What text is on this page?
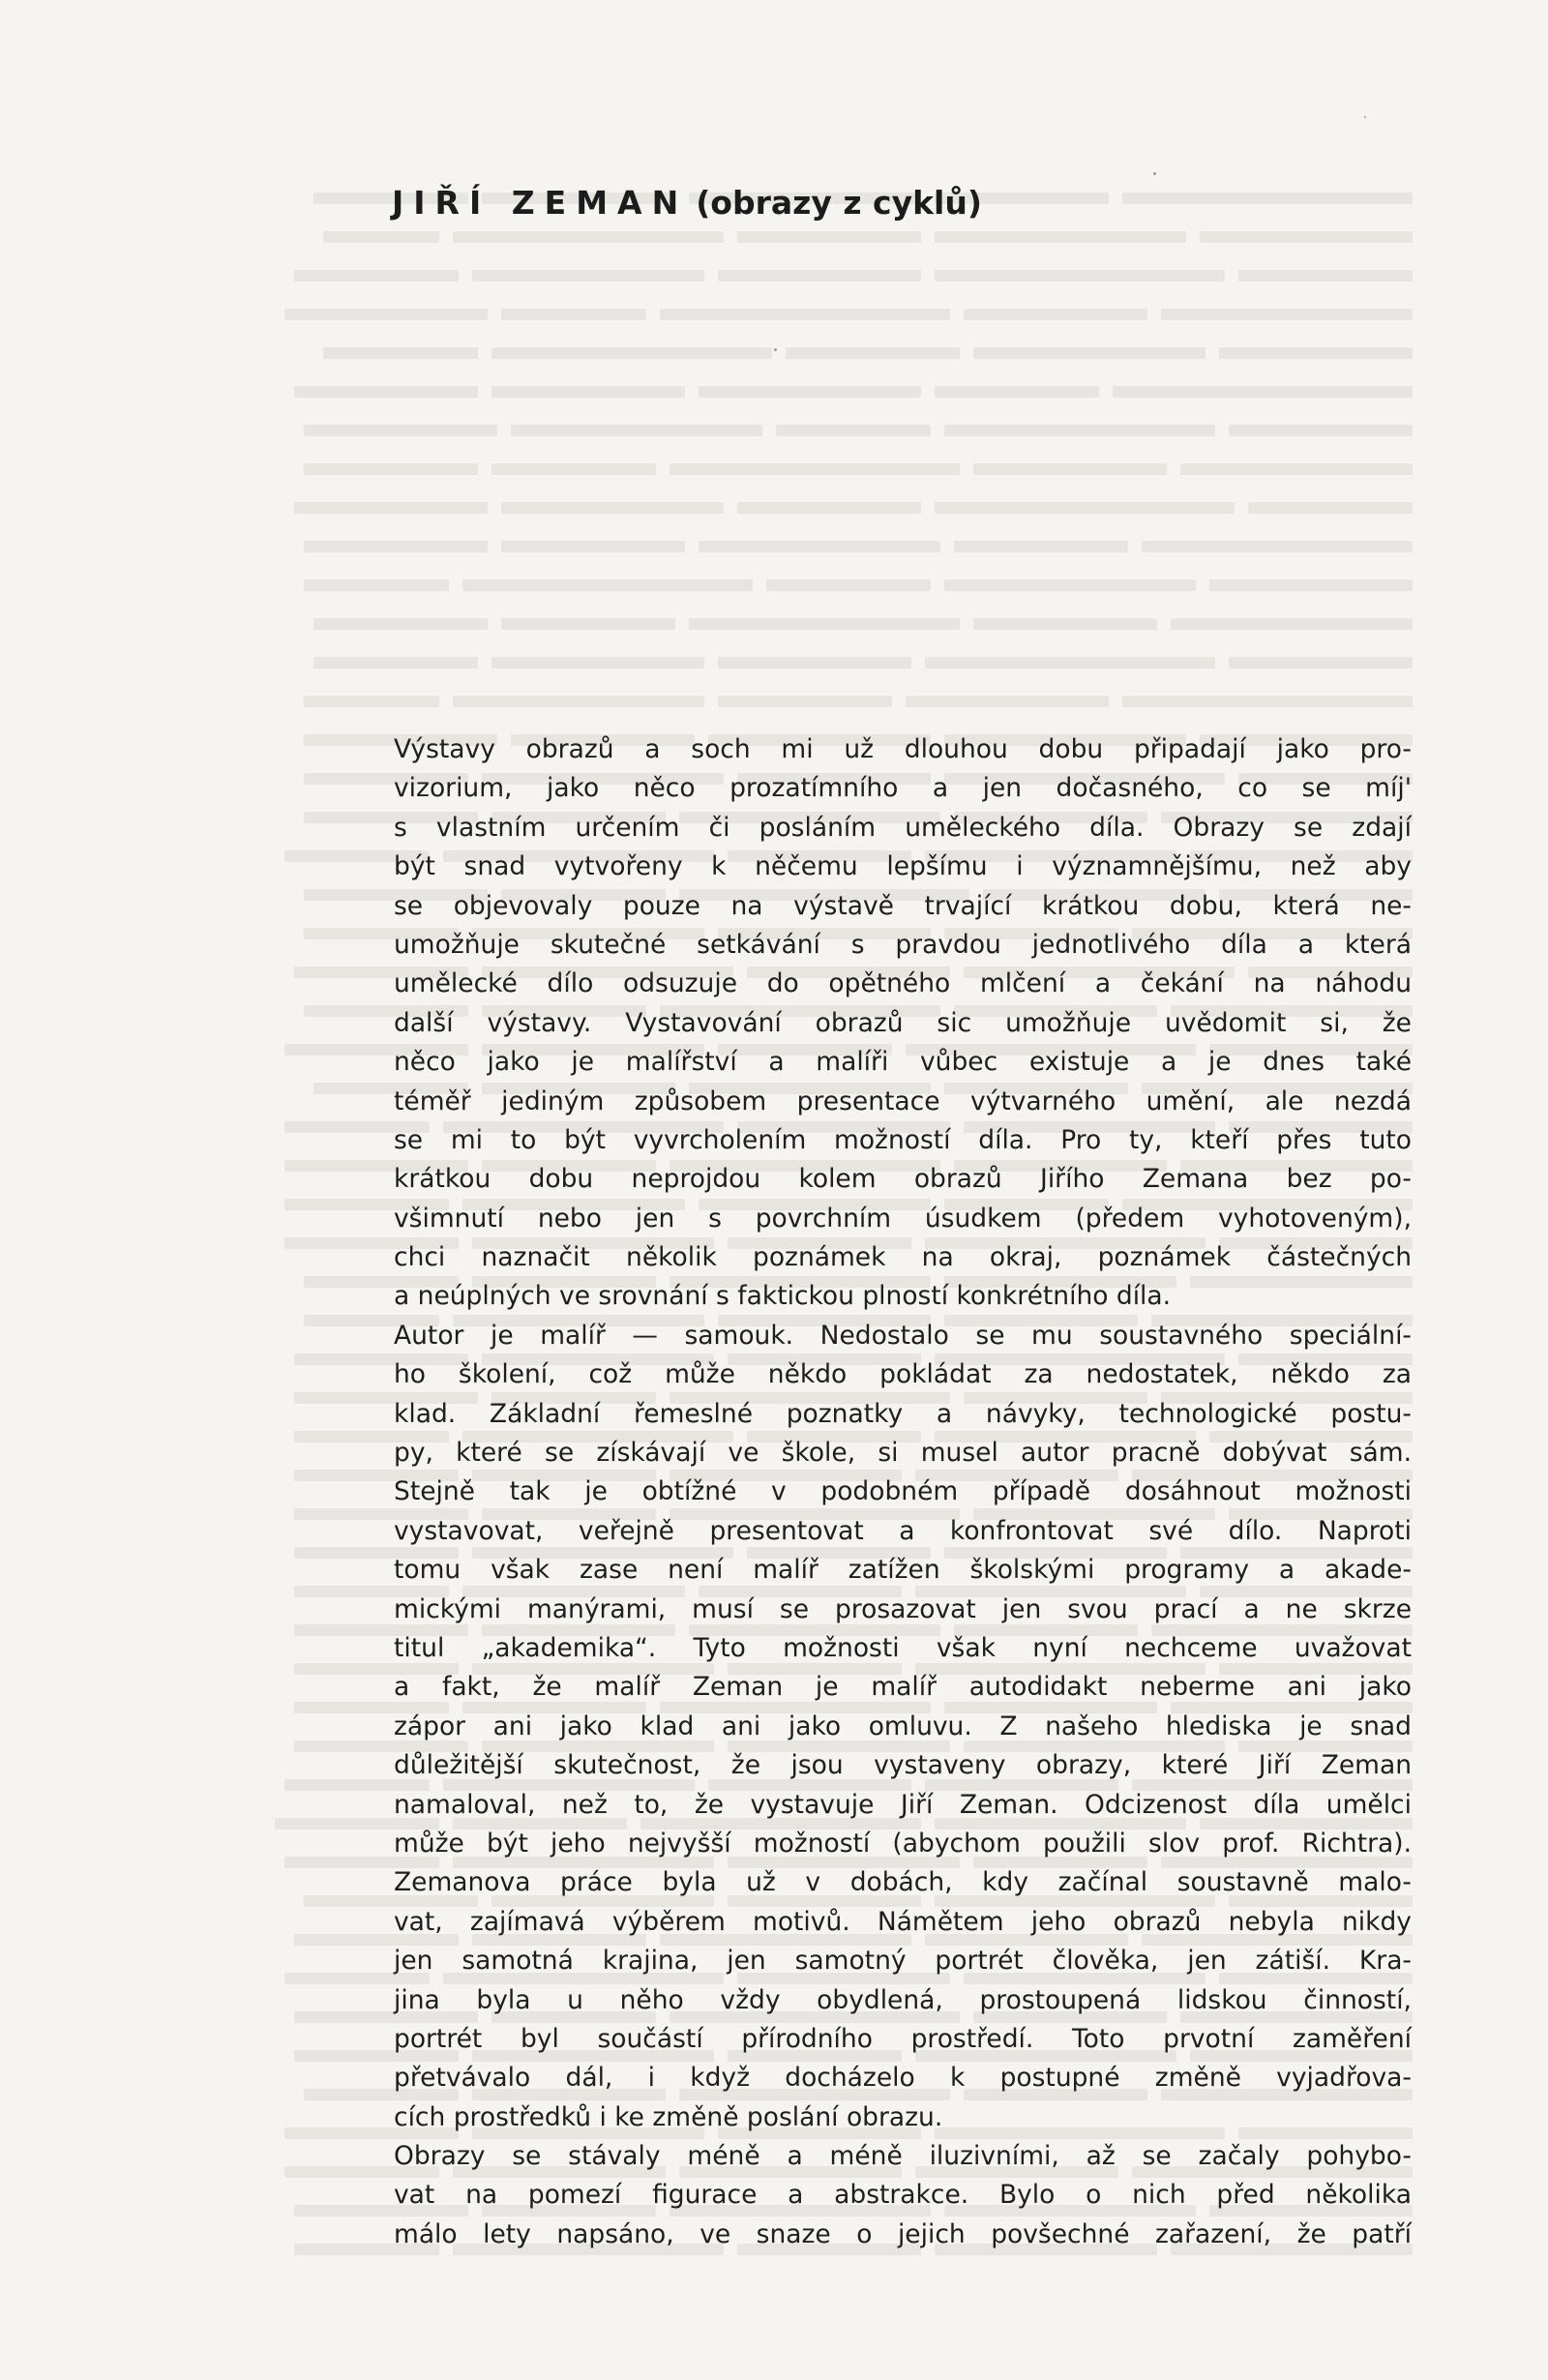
JIŘÍ ZEMAN (obrazy z cyklů)
Výstavy obrazů a soch mi už dlouhou dobu připadají jako pro-
vizorium, jako něco prozatímního a jen dočasného, co se míj'
s vlastním určením či posláním uměleckého díla. Obrazy se zdají
být snad vytvořeny k něčemu lepšímu i významnějšímu, než aby
se objevovaly pouze na výstavě trvající krátkou dobu, která ne-
umožňuje skutečné setkávání s pravdou jednotlivého díla a která
umělecké dílo odsuzuje do opětného mlčení a čekání na náhodu
další výstavy. Vystavování obrazů sic umožňuje uvědomit si, že
něco jako je malířství a malíři vůbec existuje a je dnes také
téměř jediným způsobem presentace výtvarného umění, ale nezdá
se mi to být vyvrcholením možností díla. Pro ty, kteří přes tuto
krátkou dobu neprojdou kolem obrazů Jiřího Zemana bez po-
všimnutí nebo jen s povrchním úsudkem (předem vyhotoveným),
chci naznačit několik poznámek na okraj, poznámek částečných
a neúplných ve srovnání s faktickou plností konkrétního díla.
Autor je malíř — samouk. Nedostalo se mu soustavného speciální-
ho školení, což může někdo pokládat za nedostatek, někdo za
klad. Základní řemeslné poznatky a návyky, technologické postu-
py, které se získávají ve škole, si musel autor pracně dobývat sám.
Stejně tak je obtížné v podobném případě dosáhnout možnosti
vystavovat, veřejně presentovat a konfrontovat své dílo. Naproti
tomu však zase není malíř zatížen školskými programy a akade-
mickými manýrami, musí se prosazovat jen svou prací a ne skrze
titul „akademika“. Tyto možnosti však nyní nechceme uvažovat
a fakt, že malíř Zeman je malíř autodidakt neberme ani jako
zápor ani jako klad ani jako omluvu. Z našeho hlediska je snad
důležitější skutečnost, že jsou vystaveny obrazy, které Jiří Zeman
namaloval, než to, že vystavuje Jiří Zeman. Odcizenost díla umělci
může být jeho nejvyšší možností (abychom použili slov prof. Richtra).
Zemanova práce byla už v dobách, kdy začínal soustavně malo-
vat, zajímavá výběrem motivů. Námětem jeho obrazů nebyla nikdy
jen samotná krajina, jen samotný portrét člověka, jen zátiší. Kra-
jina byla u něho vždy obydlená, prostoupená lidskou činností,
portrét byl součástí přírodního prostředí. Toto prvotní zaměření
přetvávalo dál, i když docházelo k postupné změně vyjadřova-
cích prostředků i ke změně poslání obrazu.
Obrazy se stávaly méně a méně iluzivními, až se začaly pohybo-
vat na pomezí figurace a abstrakce. Bylo o nich před několika
málo lety napsáno, ve snaze o jejich povšechné zařazení, že patří
